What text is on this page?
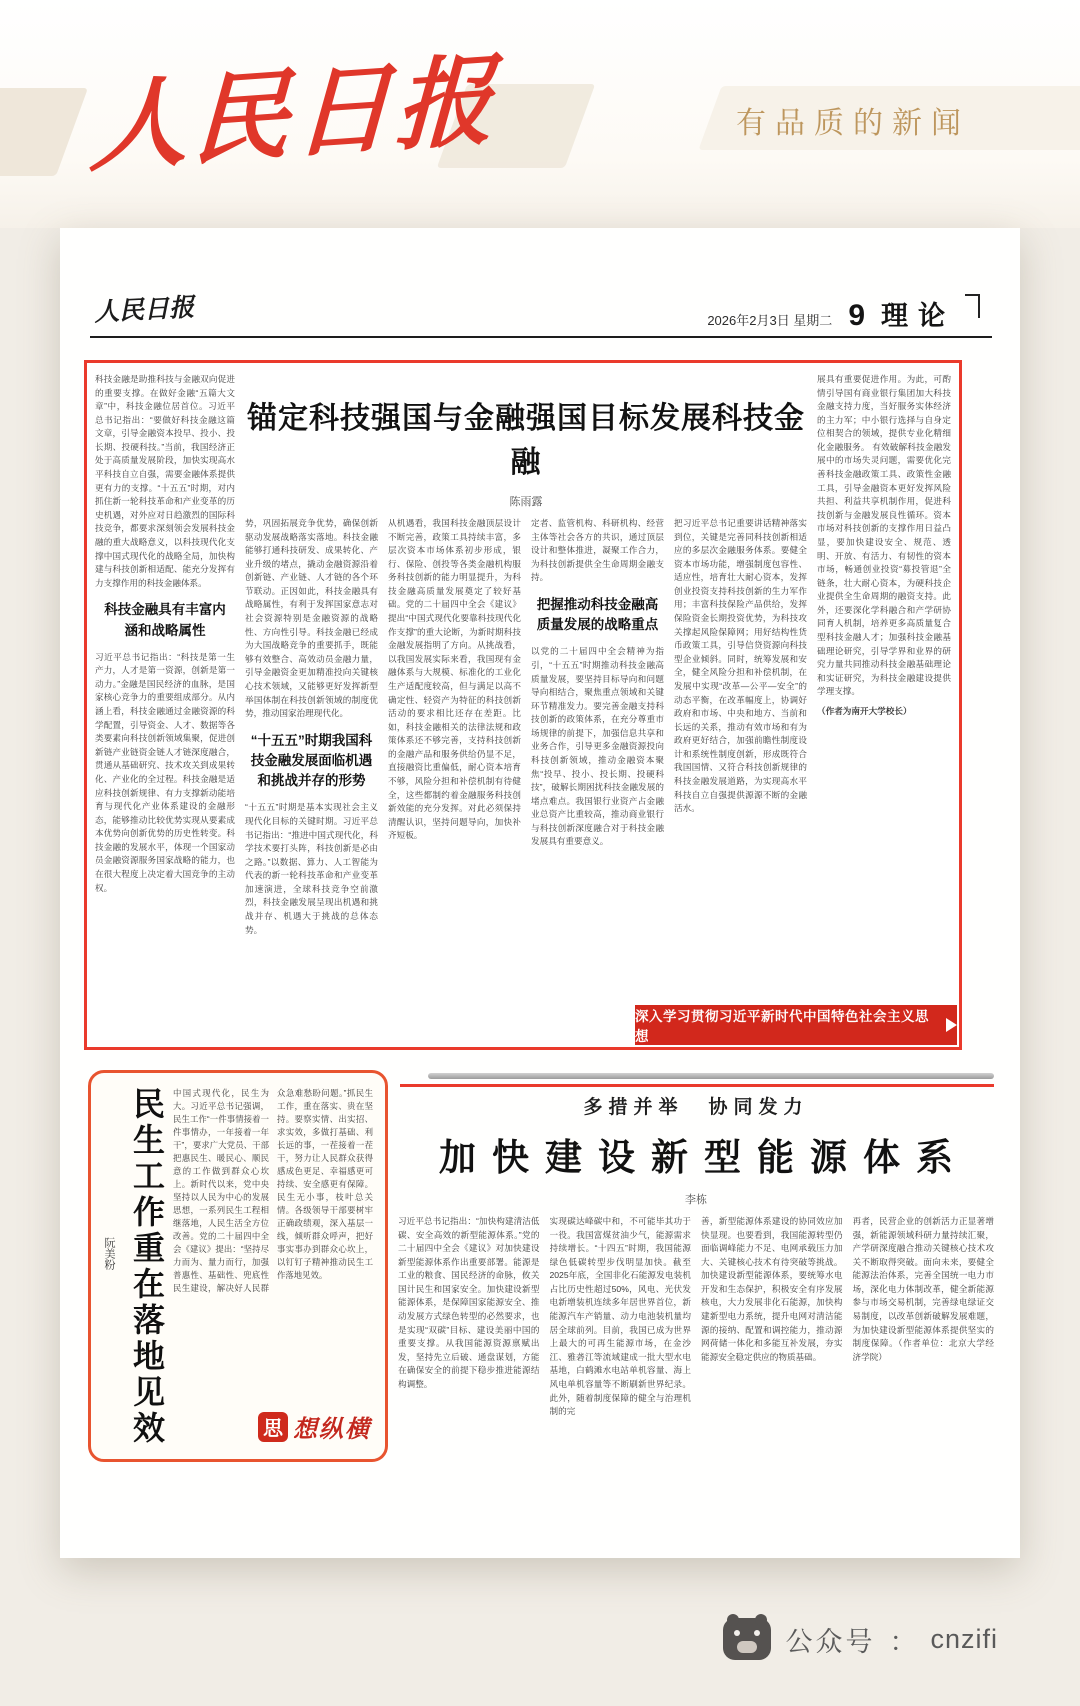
人民日报	有品质的新闻
人民日报	2026年2月3日 星期二 9 理论
科技金融是助推科技与金融双向促进的重要支撑。在做好金融“五篇大文章”中，科技金融位居首位。习近平总书记指出：“要做好科技金融这篇文章，引导金融资本投早、投小、投长期、投硬科技。”当前，我国经济正处于高质量发展阶段，加快实现高水平科技自立自强，需要金融体系提供更有力的支撑。“十五五”时期，对内抓住新一轮科技革命和产业变革的历史机遇，对外应对日趋激烈的国际科技竞争，都要求深刻领会发展科技金融的重大战略意义，以科技现代化支撑中国式现代化的战略全局，加快构建与科技创新相适配、能充分发挥有力支撑作用的科技金融体系。
科技金融具有丰富内涵和战略属性
习近平总书记指出：“科技是第一生产力，人才是第一资源，创新是第一动力。”金融是国民经济的血脉，是国家核心竞争力的重要组成部分。从内涵上看，科技金融通过金融资源的科学配置，引导资金、人才、数据等各类要素向科技创新领域集聚，促进创新链产业链资金链人才链深度融合，贯通从基础研究、技术攻关到成果转化、产业化的全过程。科技金融是适应科技创新规律、有力支撑新动能培育与现代化产业体系建设的金融形态，能够推动比较优势实现从要素成本优势向创新优势的历史性转变。科技金融的发展水平，体现一个国家动员金融资源服务国家战略的能力，也在很大程度上决定着大国竞争的主动权。
锚定科技强国与金融强国目标发展科技金融
陈雨露
势，巩固拓展竞争优势，确保创新驱动发展战略落实落地。科技金融能够打通科技研发、成果转化、产业升级的堵点，撬动金融资源沿着创新链、产业链、人才链的各个环节联动。正因如此，科技金融具有战略属性，有利于发挥国家意志对社会资源特别是金融资源的战略性、方向性引导。科技金融已经成为大国战略竞争的重要抓手，既能够有效整合、高效动员金融力量，引导金融资金更加精准投向关键核心技术领域，又能够更好发挥新型举国体制在科技创新领域的制度优势，推动国家治理现代化。
“十五五”时期我国科技金融发展面临机遇和挑战并存的形势
“十五五”时期是基本实现社会主义现代化目标的关键时期。习近平总书记指出：“推进中国式现代化，科学技术要打头阵，科技创新是必由之路。”以数据、算力、人工智能为代表的新一轮科技革命和产业变革加速演进，全球科技竞争空前激烈，科技金融发展呈现出机遇和挑战并存、机遇大于挑战的总体态势。
从机遇看，我国科技金融顶层设计不断完善，政策工具持续丰富，多层次资本市场体系初步形成，银行、保险、创投等各类金融机构服务科技创新的能力明显提升，为科技金融高质量发展奠定了较好基础。党的二十届四中全会《建议》提出“中国式现代化要靠科技现代化作支撑”的重大论断，为新时期科技金融发展指明了方向。从挑战看，以我国发展实际来看，我国现有金融体系与大规模、标准化的工业化生产适配度较高，但与满足以高不确定性、轻资产为特征的科技创新活动的要求相比还存在差距。比如，科技金融相关的法律法规和政策体系还不够完善，支持科技创新的金融产品和服务供给仍显不足，直接融资比重偏低，耐心资本培育不够，风险分担和补偿机制有待健全，这些都制约着金融服务科技创新效能的充分发挥。对此必须保持清醒认识，坚持问题导向，加快补齐短板。
定者、监管机构、科研机构、经营主体等社会各方的共识，通过顶层设计和整体推进，凝聚工作合力，为科技创新提供全生命周期金融支持。
把握推动科技金融高质量发展的战略重点
以党的二十届四中全会精神为指引，“十五五”时期推动科技金融高质量发展，要坚持目标导向和问题导向相结合，聚焦重点领域和关键环节精准发力。要完善金融支持科技创新的政策体系，在充分尊重市场规律的前提下，加强信息共享和业务合作，引导更多金融资源投向科技创新领域，推动金融资本聚焦“投早、投小、投长期、投硬科技”，破解长期困扰科技金融发展的堵点难点。我国银行业资产占金融业总资产比重较高，推动商业银行与科技创新深度融合对于科技金融发展具有重要意义。
把习近平总书记重要讲话精神落实到位，关键是完善同科技创新相适应的多层次金融服务体系。要健全资本市场功能，增强制度包容性、适应性，培育壮大耐心资本，发挥创业投资支持科技创新的生力军作用；丰富科技保险产品供给，发挥保险资金长期投资优势，为科技攻关撑起风险保障网；用好结构性货币政策工具，引导信贷资源向科技型企业倾斜。同时，统筹发展和安全，健全风险分担和补偿机制，在发展中实现“改革—公平—安全”的动态平衡，在改革幅度上，协调好政府和市场、中央和地方、当前和长远的关系，推动有效市场和有为政府更好结合，加强前瞻性制度设计和系统性制度创新，形成既符合我国国情、又符合科技创新规律的科技金融发展道路，为实现高水平科技自立自强提供源源不断的金融活水。
展具有重要促进作用。为此，可酌情引导国有商业银行集团加大科技金融支持力度，当好服务实体经济的主力军；中小银行选择与自身定位相契合的领域，提供专业化精细化金融服务。 有效破解科技金融发展中的市场失灵问题，需要优化完善科技金融政策工具、政策性金融工具，引导金融资本更好发挥风险共担、利益共享机制作用，促进科技创新与金融发展良性循环。资本市场对科技创新的支撑作用日益凸显，要加快建设安全、规范、透明、开放、有活力、有韧性的资本市场，畅通创业投资“募投管退”全链条，壮大耐心资本，为硬科技企业提供全生命周期的融资支持。此外，还要深化学科融合和产学研协同育人机制，培养更多高质量复合型科技金融人才；加强科技金融基础理论研究，引导学界和业界的研究力量共同推动科技金融基础理论和实证研究，为科技金融建设提供学理支撑。
（作者为南开大学校长）
深入学习贯彻习近平新时代中国特色社会主义思想
阮美粉 民生工作重在落地见效 中国式现代化，民生为大。习近平总书记强调，民生工作“一件事情接着一件事情办，一年接着一年干”，要求广大党员、干部把惠民生、暖民心、顺民意的工作做到群众心坎上。新时代以来，党中央坚持以人民为中心的发展思想，一系列民生工程相继落地，人民生活全方位改善。党的二十届四中全会《建议》提出：“坚持尽力而为、量力而行，加强普惠性、基础性、兜底性民生建设，解决好人民群众急难愁盼问题。”抓民生工作，重在落实、贵在坚持。要察实情、出实招、求实效，多做打基础、利长远的事，一茬接着一茬干，努力让人民群众获得感成色更足、幸福感更可持续、安全感更有保障。民生无小事，枝叶总关情。各级领导干部要树牢正确政绩观，深入基层一线，倾听群众呼声，把好事实事办到群众心坎上，以钉钉子精神推动民生工作落地见效。
思 想纵横
多措并举　协同发力
加快建设新型能源体系
李栋
习近平总书记指出：“加快构建清洁低碳、安全高效的新型能源体系。”党的二十届四中全会《建议》对加快建设新型能源体系作出重要部署。能源是工业的粮食、国民经济的命脉，攸关国计民生和国家安全。加快建设新型能源体系，是保障国家能源安全、推动发展方式绿色转型的必然要求，也是实现“双碳”目标、建设美丽中国的重要支撑。从我国能源资源禀赋出发，坚持先立后破、通盘谋划，方能在确保安全的前提下稳步推进能源结构调整。
实现碳达峰碳中和，不可能毕其功于一役。我国富煤贫油少气，能源需求持续增长。“十四五”时期，我国能源绿色低碳转型步伐明显加快。截至2025年底，全国非化石能源发电装机占比历史性超过50%，风电、光伏发电新增装机连续多年居世界首位，新能源汽车产销量、动力电池装机量均居全球前列。目前，我国已成为世界上最大的可再生能源市场，在金沙江、雅砻江等流域建成一批大型水电基地，白鹤滩水电站单机容量、海上风电单机容量等不断刷新世界纪录。此外，随着制度保障的健全与治理机制的完
善，新型能源体系建设的协同效应加快显现。也要看到，我国能源转型仍面临调峰能力不足、电网承载压力加大、关键核心技术有待突破等挑战。加快建设新型能源体系，要统筹水电开发和生态保护，积极安全有序发展核电，大力发展非化石能源，加快构建新型电力系统，提升电网对清洁能源的接纳、配置和调控能力，推动源网荷储一体化和多能互补发展，夯实能源安全稳定供应的物质基础。
再者，民营企业的创新活力正显著增强，新能源领域科研力量持续汇聚，产学研深度融合推动关键核心技术攻关不断取得突破。面向未来，要健全能源法治体系，完善全国统一电力市场，深化电力体制改革，健全新能源参与市场交易机制，完善绿电绿证交易制度，以改革创新破解发展难题，为加快建设新型能源体系提供坚实的制度保障。（作者单位：北京大学经济学院）
公众号 ： cnzifi
